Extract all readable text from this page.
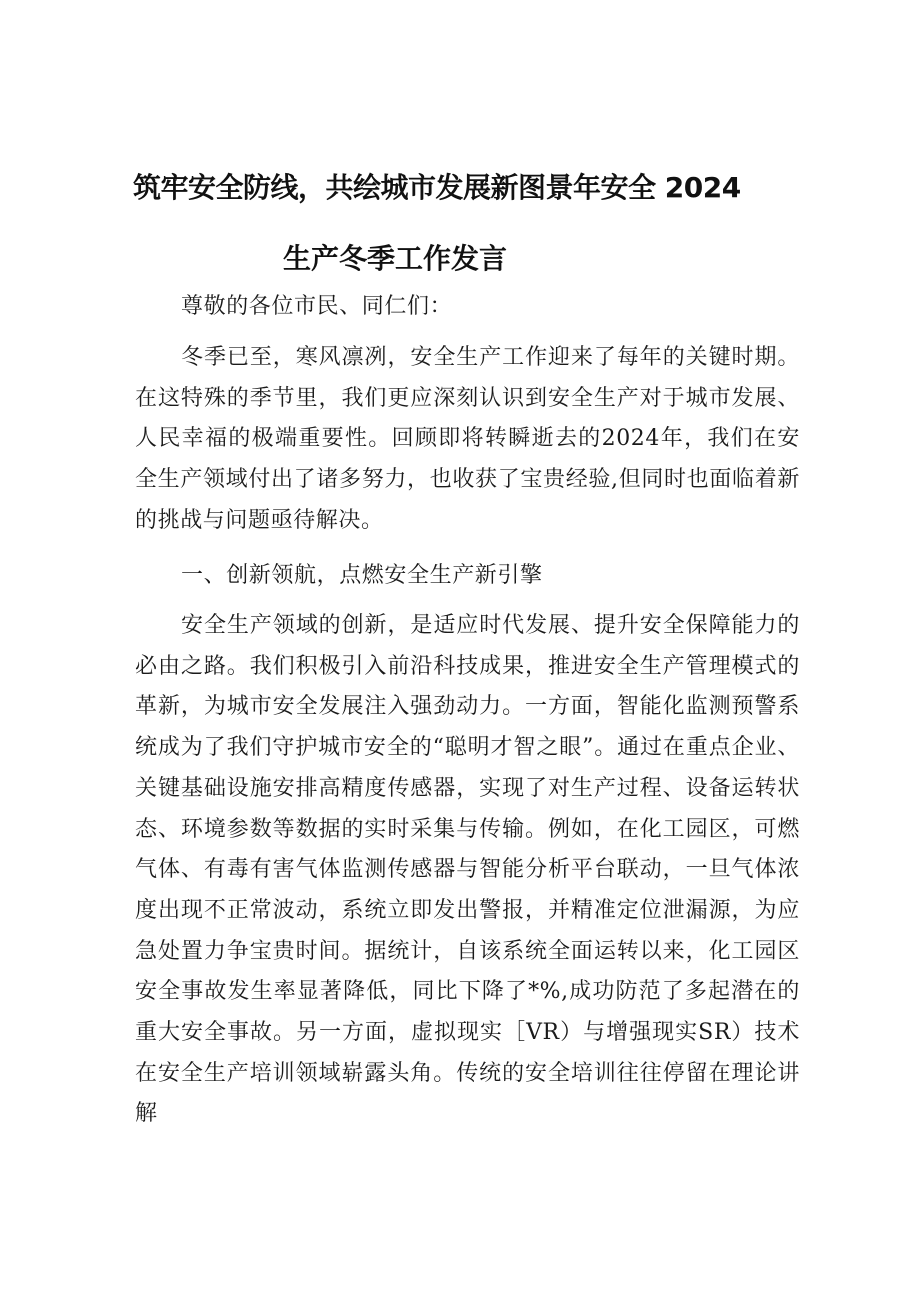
筑牢安全防线，共绘城市发展新图景年安全 2024
生产冬季工作发言
尊敬的各位市民、同仁们：
冬季已至，寒风凛冽，安全生产工作迎来了每年的关键时期。在这特殊的季节里，我们更应深刻认识到安全生产对于城市发展、人民幸福的极端重要性。回顾即将转瞬逝去的2024年，我们在安全生产领域付出了诸多努力，也收获了宝贵经验,但同时也面临着新的挑战与问题亟待解决。
一、创新领航，点燃安全生产新引擎
安全生产领域的创新，是适应时代发展、提升安全保障能力的必由之路。我们积极引入前沿科技成果，推进安全生产管理模式的革新，为城市安全发展注入强劲动力。一方面，智能化监测预警系统成为了我们守护城市安全的“聪明才智之眼”。通过在重点企业、关键基础设施安排高精度传感器，实现了对生产过程、设备运转状态、环境参数等数据的实时采集与传输。例如，在化工园区，可燃气体、有毒有害气体监测传感器与智能分析平台联动，一旦气体浓度出现不正常波动，系统立即发出警报，并精准定位泄漏源，为应急处置力争宝贵时间。据统计，自该系统全面运转以来，化工园区安全事故发生率显著降低，同比下降了*%,成功防范了多起潜在的重大安全事故。另一方面，虚拟现实［VR）与增强现实SR）技术在安全生产培训领域崭露头角。传统的安全培训往往停留在理论讲解
